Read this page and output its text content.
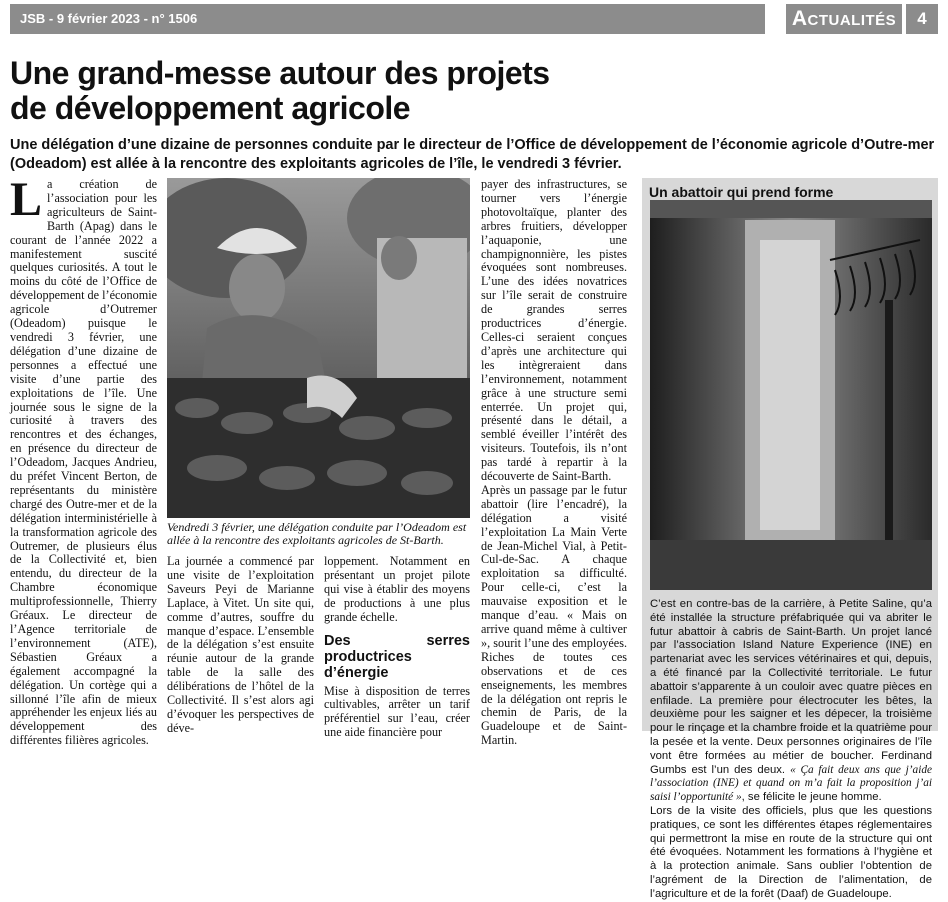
JSB - 9 février 2023 - n° 1506	Actualités	4
Une grand-messe autour des projets
de développement agricole

Une délégation d’une dizaine de personnes conduite par le directeur de l’Office de développement de l’économie agricole d’Outre-mer (Odeadom) est allée à la rencontre des exploitants agricoles de l’île, le vendredi 3 février.

La création de l’association pour les agriculteurs de Saint-Barth (Apag) dans le courant de l’année 2022 a manifestement suscité quelques curiosités. A tout le moins du côté de l’Office de développement de l’économie agricole d’Outremer (Odeadom) puisque le vendredi 3 février, une délégation d’une dizaine de personnes a effectué une visite d’une partie des exploitations de l’île. Une journée sous le signe de la curiosité à travers des rencontres et des échanges, en présence du directeur de l’Odeadom, Jacques Andrieu, du préfet Vincent Berton, de représentants du ministère chargé des Outre-mer et de la délégation interministérielle à la transformation agricole des Outremer, de plusieurs élus de la Collectivité et, bien entendu, du directeur de la Chambre économique multiprofessionnelle, Thierry Gréaux. Le directeur de l’Agence territoriale de l’environnement (ATE), Sébastien Gréaux a également accompagné la délégation. Un cortège qui a sillonné l’île afin de mieux appréhender les enjeux liés au développement des différentes filières agricoles.

Vendredi 3 février, une délégation conduite par l’Odeadom est allée à la rencontre des exploitants agricoles de St-Barth.

La journée a commencé par une visite de l’exploitation Saveurs Peyi de Marianne Laplace, à Vitet. Un site qui, comme d’autres, souffre du manque d’espace. L’ensemble de la délégation s’est ensuite réunie autour de la grande table de la salle des délibérations de l’hôtel de la Collectivité. Il s’est alors agi d’évoquer les perspectives de déve-

loppement. Notamment en présentant un projet pilote qui vise à établir des moyens de productions à une plus grande échelle.

Des serres productrices d’énergie

Mise à disposition de terres cultivables, arrêter un tarif préférentiel sur l’eau, créer une aide financière pour

payer des infrastructures, se tourner vers l’énergie photovoltaïque, planter des arbres fruitiers, développer l’aquaponie, une champignonnière, les pistes évoquées sont nombreuses. L’une des idées novatrices sur l’île serait de construire de grandes serres productrices d’énergie. Celles-ci seraient conçues d’après une architecture qui les intègreraient dans l’environnement, notamment grâce à une structure semi enterrée. Un projet qui, présenté dans le détail, a semblé éveiller l’intérêt des visiteurs. Toutefois, ils n’ont pas tardé à repartir à la découverte de Saint-Barth.

Après un passage par le futur abattoir (lire l’encadré), la délégation a visité l’exploitation La Main Verte de Jean-Michel Vial, à Petit-Cul-de-Sac. A chaque exploitation sa difficulté. Pour celle-ci, c’est la mauvaise exposition et le manque d’eau. « Mais on arrive quand même à cultiver », sourit l’une des employées. Riches de toutes ces observations et de ces enseignements, les membres de la délégation ont repris le chemin de Paris, de la Guadeloupe et de Saint-Martin.

Un abattoir qui prend forme
C’est en contre-bas de la carrière, à Petite Saline, qu’a été installée la structure préfabriquée qui va abriter le futur abattoir à cabris de Saint-Barth. Un projet lancé par l’association Island Nature Experience (INE) en partenariat avec les services vétérinaires et qui, depuis, a été financé par la Collectivité territoriale. Le futur abattoir s’apparente à un couloir avec quatre pièces en enfilade. La première pour électrocuter les bêtes, la deuxième pour les saigner et les dépecer, la troisième pour le rinçage et la chambre froide et la quatrième pour la pesée et la vente. Deux personnes originaires de l’île vont être formées au métier de boucher. Ferdinand Gumbs est l’un des deux. « Ça fait deux ans que j’aide l’association (INE) et quand on m’a fait la proposition j’ai saisi l’opportunité », se félicite le jeune homme.
Lors de la visite des officiels, plus que les questions pratiques, ce sont les différentes étapes réglementaires qui permettront la mise en route de la structure qui ont été évoquées. Notamment les formations à l’hygiène et à la protection animale. Sans oublier l’obtention de l’agrément de la Direction de l’alimentation, de l’agriculture et de la forêt (Daaf) de Guadeloupe.
